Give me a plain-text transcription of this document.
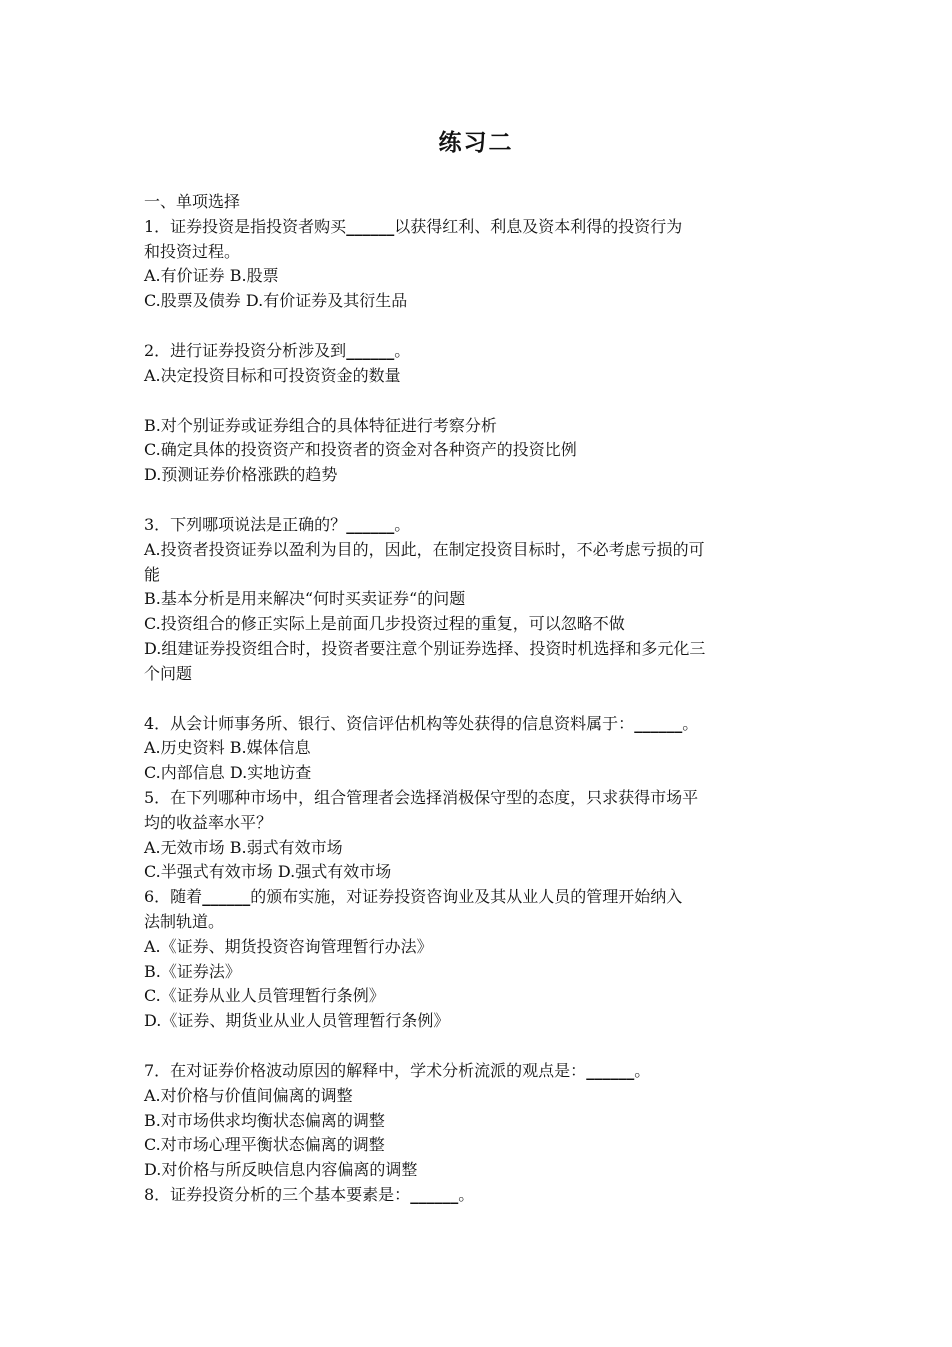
练习二
一、单项选择
1．证券投资是指投资者购买______以获得红利、利息及资本利得的投资行为
和投资过程。
A.有价证券 B.股票
C.股票及债券 D.有价证券及其衍生品
2．进行证券投资分析涉及到______。
A.决定投资目标和可投资资金的数量
B.对个别证券或证券组合的具体特征进行考察分析
C.确定具体的投资资产和投资者的资金对各种资产的投资比例
D.预测证券价格涨跌的趋势
3．下列哪项说法是正确的？______。
A.投资者投资证券以盈利为目的，因此，在制定投资目标时，不必考虑亏损的可
能
B.基本分析是用来解决“何时买卖证券“的问题
C.投资组合的修正实际上是前面几步投资过程的重复，可以忽略不做
D.组建证券投资组合时，投资者要注意个别证券选择、投资时机选择和多元化三
个问题
4．从会计师事务所、银行、资信评估机构等处获得的信息资料属于：______。
A.历史资料 B.媒体信息
C.内部信息 D.实地访查
5．在下列哪种市场中，组合管理者会选择消极保守型的态度，只求获得市场平
均的收益率水平？
A.无效市场 B.弱式有效市场
C.半强式有效市场 D.强式有效市场
6．随着______的颁布实施，对证券投资咨询业及其从业人员的管理开始纳入
法制轨道。
A.《证券、期货投资咨询管理暂行办法》
B.《证券法》
C.《证券从业人员管理暂行条例》
D.《证券、期货业从业人员管理暂行条例》
7．在对证券价格波动原因的解释中，学术分析流派的观点是：______。
A.对价格与价值间偏离的调整
B.对市场供求均衡状态偏离的调整
C.对市场心理平衡状态偏离的调整
D.对价格与所反映信息内容偏离的调整
8．证券投资分析的三个基本要素是：______。
